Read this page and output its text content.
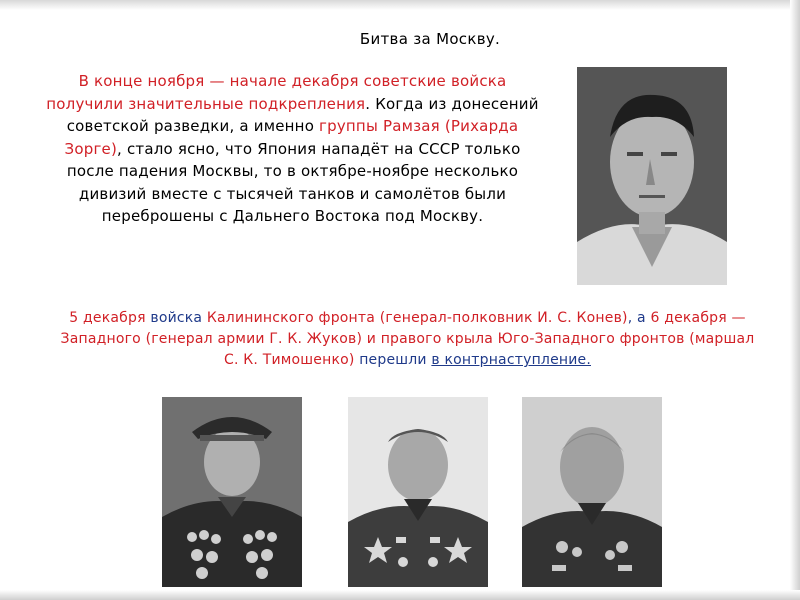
Битва за Москву.
В конце ноября — начале декабря советские войска получили значительные подкрепления. Когда из донесений советской разведки, а именно группы Рамзая (Рихарда Зорге), стало ясно, что Япония нападёт на СССР только после падения Москвы, то в октябре-ноябре несколько дивизий вместе с тысячей танков и самолётов были переброшены с Дальнего Востока под Москву.
5 декабря войска Калининского фронта (генерал-полковник И. С. Конев), а 6 декабря — Западного (генерал армии Г. К. Жуков) и правого крыла Юго-Западного фронтов (маршал С. К. Тимошенко) перешли в контрнаступление.
